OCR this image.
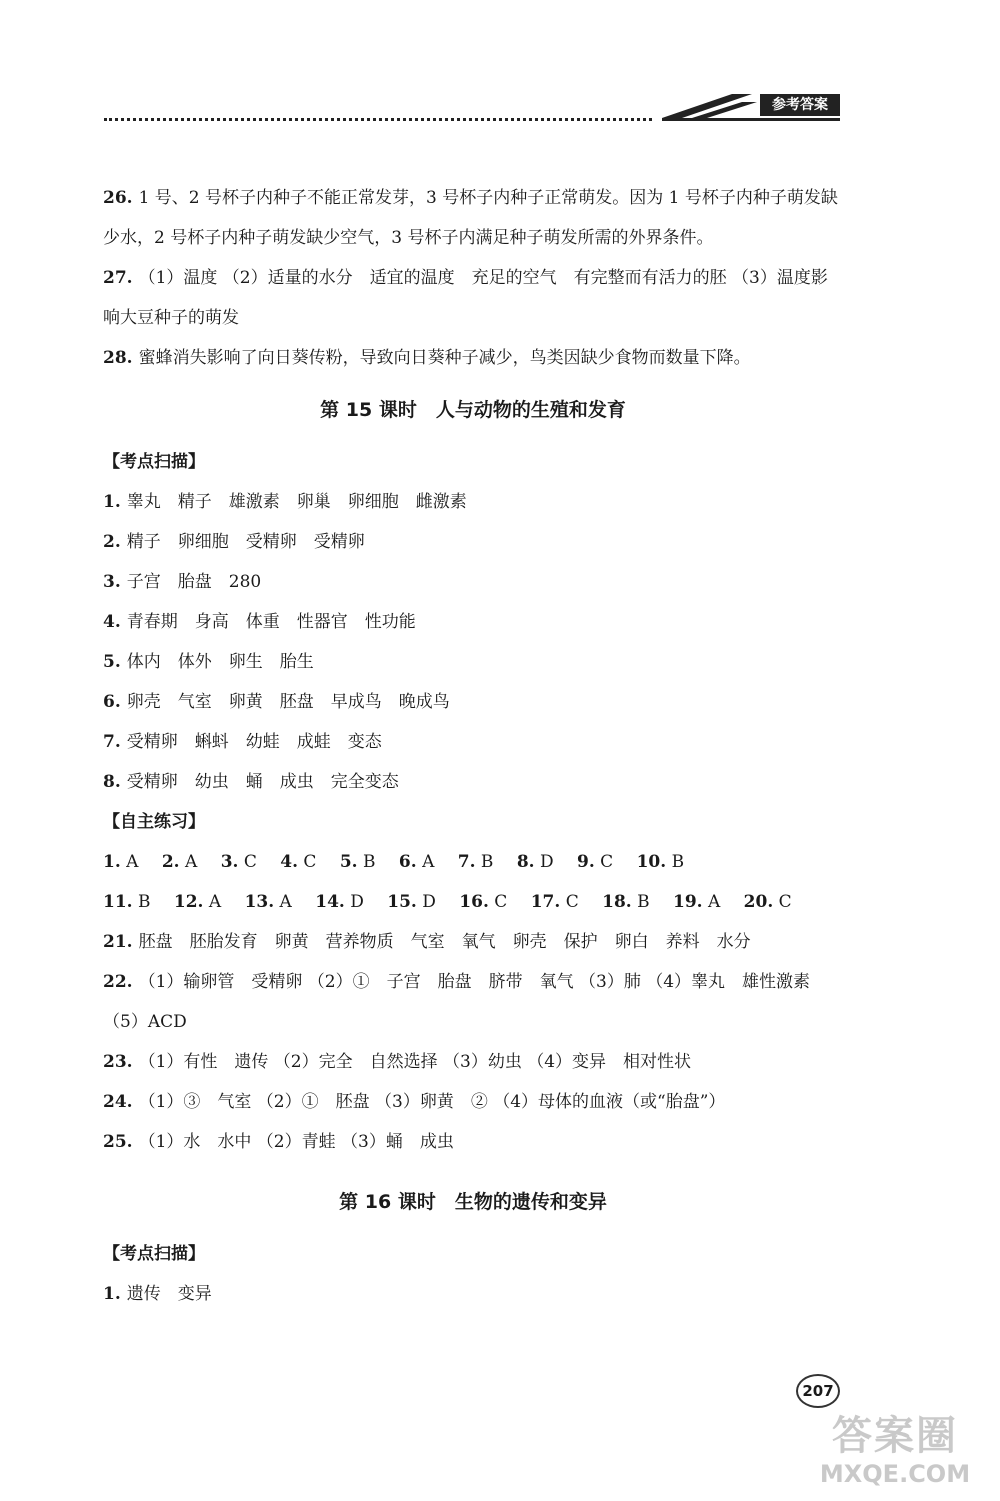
参考答案
26. 1 号、2 号杯子内种子不能正常发芽，3 号杯子内种子正常萌发。因为 1 号杯子内种子萌发缺少水，2 号杯子内种子萌发缺少空气，3 号杯子内满足种子萌发所需的外界条件。
27. （1）温度 （2）适量的水分　适宜的温度　充足的空气　有完整而有活力的胚 （3）温度影响大豆种子的萌发
28. 蜜蜂消失影响了向日葵传粉，导致向日葵种子减少，鸟类因缺少食物而数量下降。
第 15 课时　人与动物的生殖和发育
【考点扫描】
1. 睾丸　精子　雄激素　卵巢　卵细胞　雌激素
2. 精子　卵细胞　受精卵　受精卵
3. 子宫　胎盘　280
4. 青春期　身高　体重　性器官　性功能
5. 体内　体外　卵生　胎生
6. 卵壳　气室　卵黄　胚盘　早成鸟　晚成鸟
7. 受精卵　蝌蚪　幼蛙　成蛙　变态
8. 受精卵　幼虫　蛹　成虫　完全变态
【自主练习】
1. A 2. A 3. C 4. C 5. B 6. A 7. B 8. D 9. C 10. B
11. B 12. A 13. A 14. D 15. D 16. C 17. C 18. B 19. A 20. C
21. 胚盘　胚胎发育　卵黄　营养物质　气室　氧气　卵壳　保护　卵白　养料　水分
22. （1）输卵管　受精卵 （2）①　子宫　胎盘　脐带　氧气 （3）肺 （4）睾丸　雄性激素 （5）ACD
23. （1）有性　遗传 （2）完全　自然选择 （3）幼虫 （4）变异　相对性状
24. （1）③　气室 （2）①　胚盘 （3）卵黄　② （4）母体的血液（或“胎盘”）
25. （1）水　水中 （2）青蛙 （3）蛹　成虫
第 16 课时　生物的遗传和变异
【考点扫描】
1. 遗传　变异
207
答案圈
MXQE.COM
